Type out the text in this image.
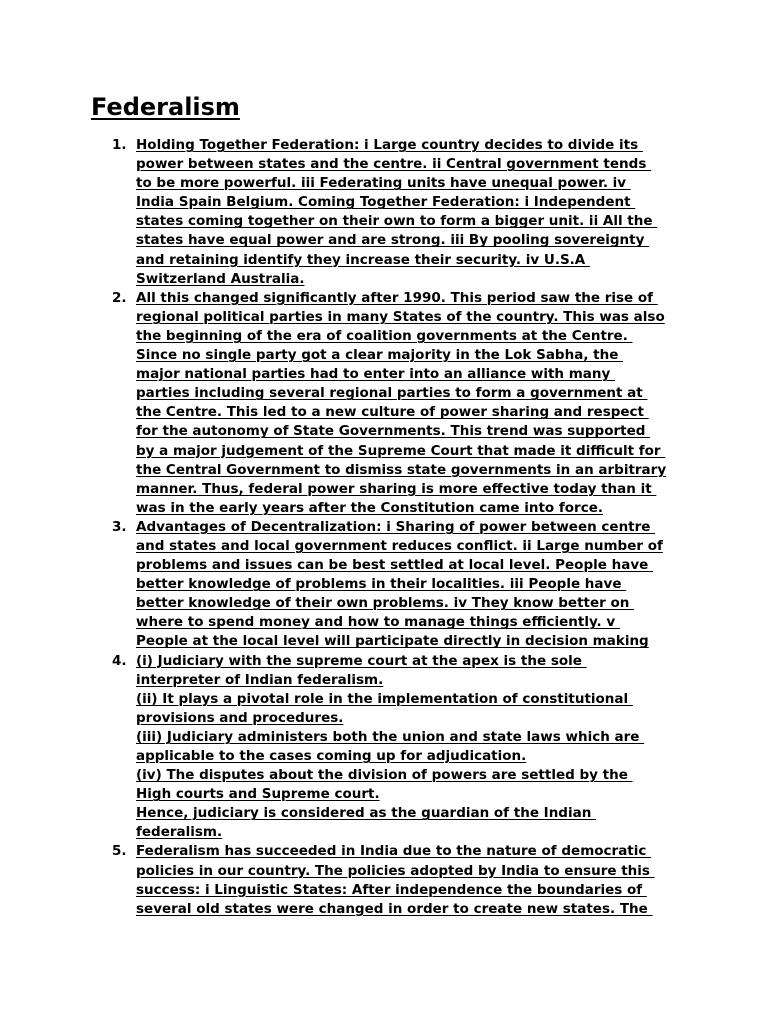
Federalism
1. Holding Together Federation: i Large country decides to divide its
power between states and the centre. ii Central government tends
to be more powerful. iii Federating units have unequal power. iv
India Spain Belgium. Coming Together Federation: i Independent
states coming together on their own to form a bigger unit. ii All the
states have equal power and are strong. iii By pooling sovereignty
and retaining identify they increase their security. iv U.S.A
Switzerland Australia.
2. All this changed significantly after 1990. This period saw the rise of
regional political parties in many States of the country. This was also
the beginning of the era of coalition governments at the Centre.
Since no single party got a clear majority in the Lok Sabha, the
major national parties had to enter into an alliance with many
parties including several regional parties to form a government at
the Centre. This led to a new culture of power sharing and respect
for the autonomy of State Governments. This trend was supported
by a major judgement of the Supreme Court that made it difficult for
the Central Government to dismiss state governments in an arbitrary
manner. Thus, federal power sharing is more effective today than it
was in the early years after the Constitution came into force.
3. Advantages of Decentralization: i Sharing of power between centre
and states and local government reduces conflict. ii Large number of
problems and issues can be best settled at local level. People have
better knowledge of problems in their localities. iii People have
better knowledge of their own problems. iv They know better on
where to spend money and how to manage things efficiently. v
People at the local level will participate directly in decision making
4. (i) Judiciary with the supreme court at the apex is the sole
interpreter of Indian federalism.
(ii) It plays a pivotal role in the implementation of constitutional
provisions and procedures.
(iii) Judiciary administers both the union and state laws which are
applicable to the cases coming up for adjudication.
(iv) The disputes about the division of powers are settled by the
High courts and Supreme court.
Hence, judiciary is considered as the guardian of the Indian
federalism.
5. Federalism has succeeded in India due to the nature of democratic
policies in our country. The policies adopted by India to ensure this
success: i Linguistic States: After independence the boundaries of
several old states were changed in order to create new states. The
